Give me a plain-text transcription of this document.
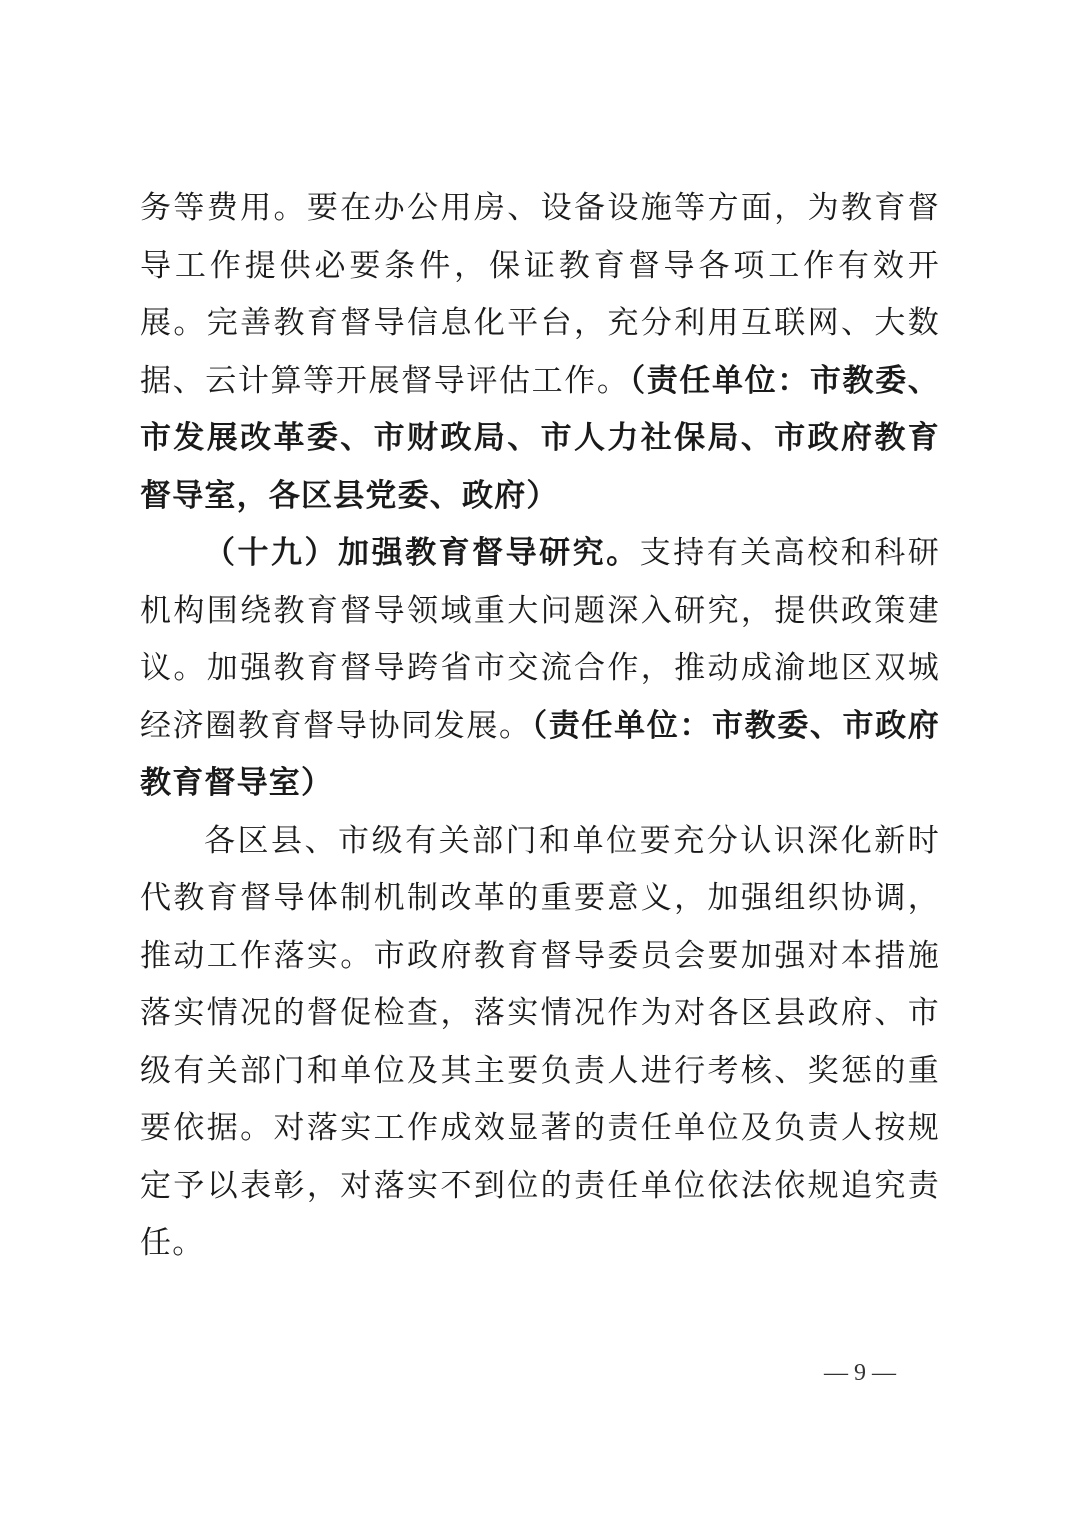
务等费用。要在办公用房、设备设施等方面，为教育督导工作提供必要条件，保证教育督导各项工作有效开展。完善教育督导信息化平台，充分利用互联网、大数据、云计算等开展督导评估工作。（责任单位：市教委、市发展改革委、市财政局、市人力社保局、市政府教育督导室，各区县党委、政府）

（十九）加强教育督导研究。支持有关高校和科研机构围绕教育督导领域重大问题深入研究，提供政策建议。加强教育督导跨省市交流合作，推动成渝地区双城经济圈教育督导协同发展。（责任单位：市教委、市政府教育督导室）

各区县、市级有关部门和单位要充分认识深化新时代教育督导体制机制改革的重要意义，加强组织协调，推动工作落实。市政府教育督导委员会要加强对本措施落实情况的督促检查，落实情况作为对各区县政府、市级有关部门和单位及其主要负责人进行考核、奖惩的重要依据。对落实工作成效显著的责任单位及负责人按规定予以表彰，对落实不到位的责任单位依法依规追究责任。

— 9 —
